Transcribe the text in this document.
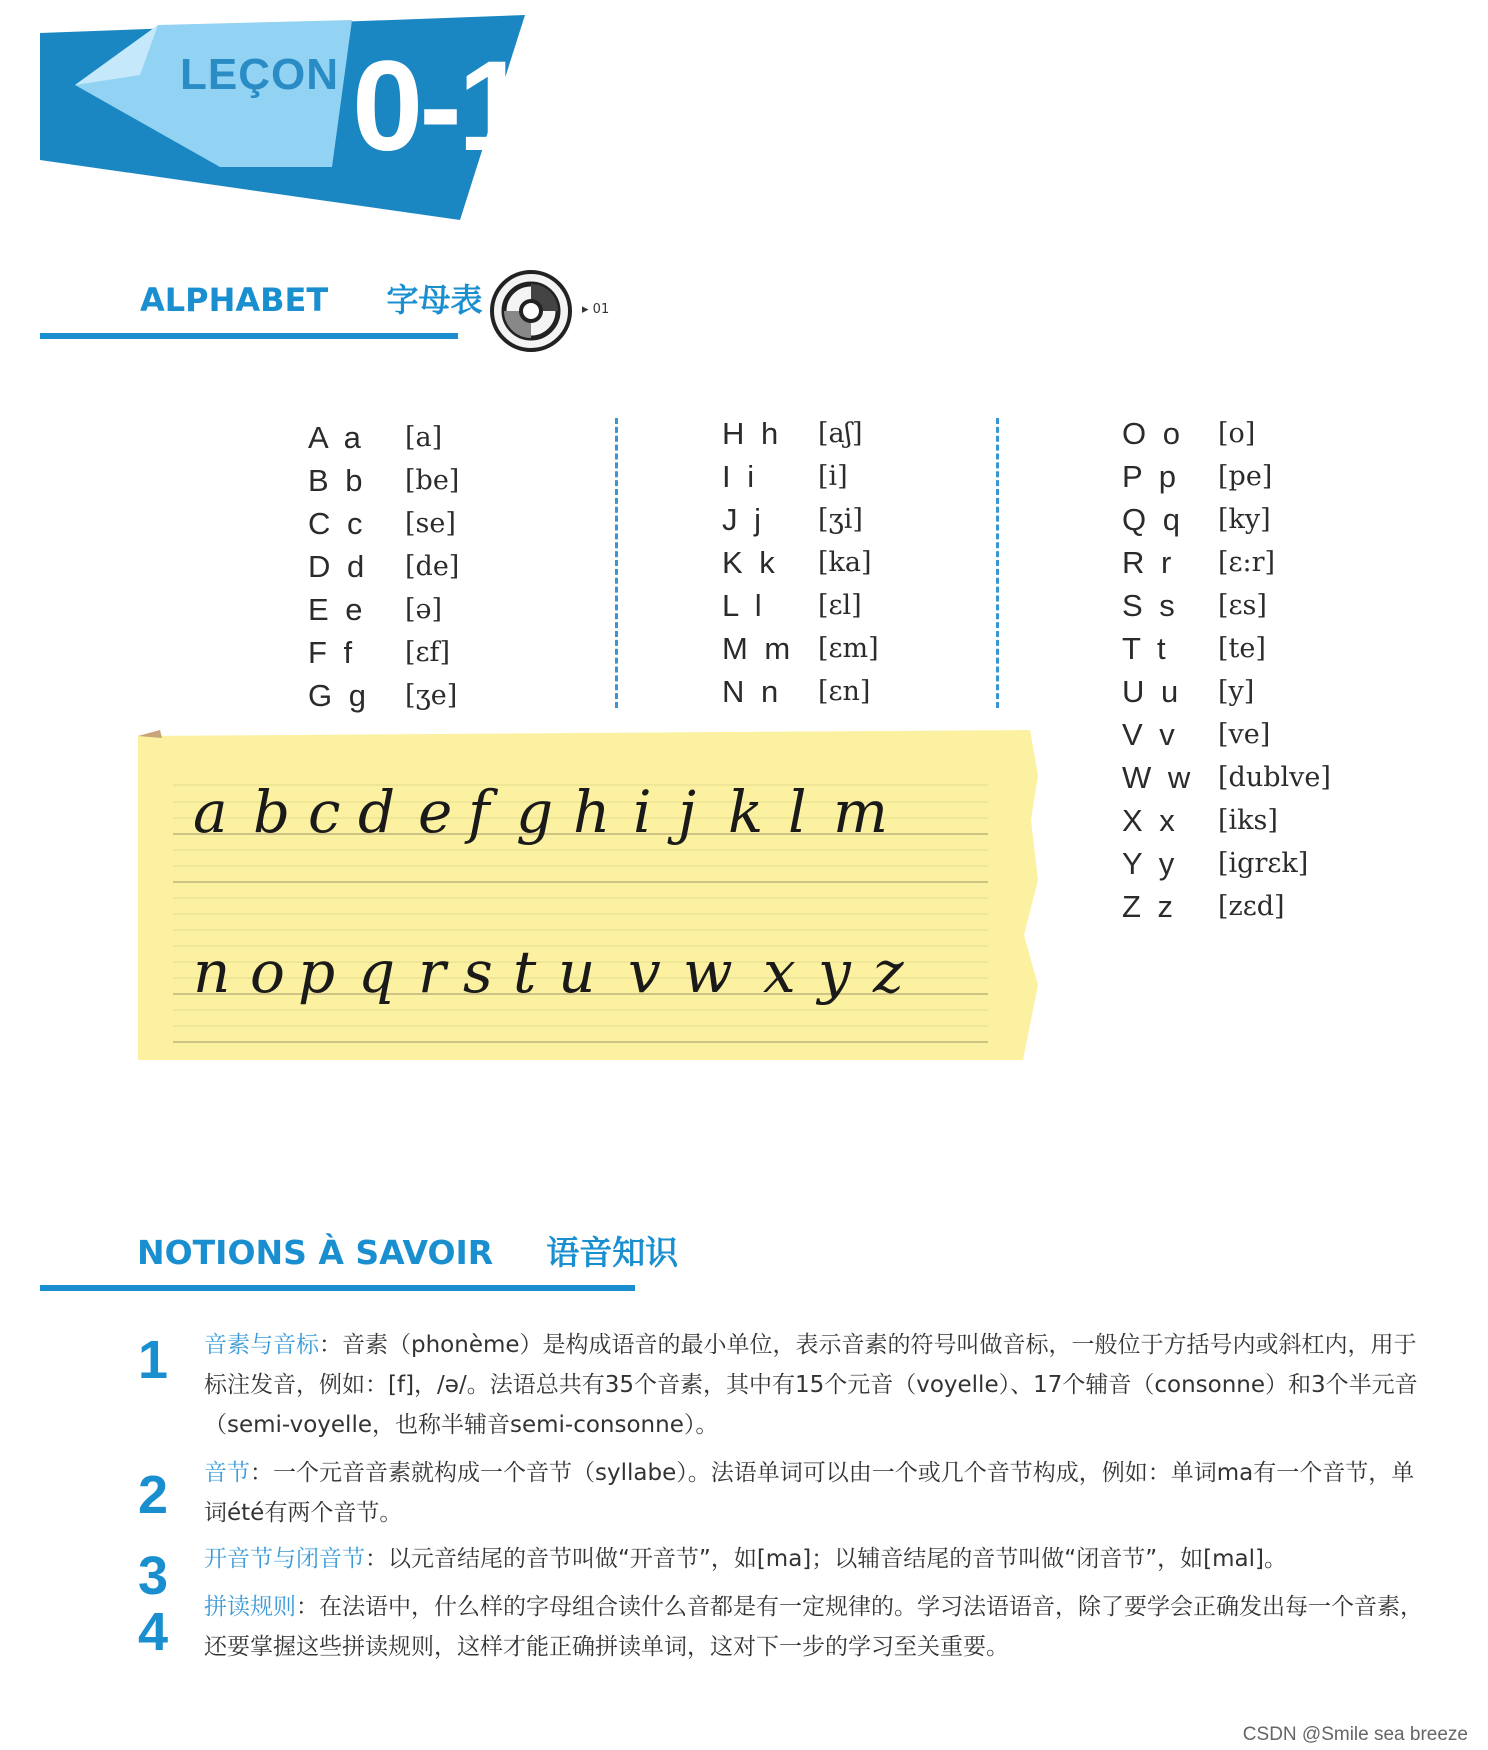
LEÇON 0-1
ALPHABET 字母表	▸ 01
A a
B b
C c
D d
E e
F f
G g
[a]
[be]
[se]
[de]
[ə]
[ɛf]
[ʒe]
H h
I i
J j
K k
L l
M m
N n
[aʃ]
[i]
[ʒi]
[ka]
[ɛl]
[ɛm]
[ɛn]
O o
P p
Q q
R r
S s
T t
U u
V v
W w
X x
Y y
Z z
[o]
[pe]
[ky]
[ɛ:r]
[ɛs]
[te]
[y]
[ve]
[dublve]
[iks]
[igrɛk]
[zɛd]
a b c d e f g h i j k l m
n o p q r s t u v w x y z
NOTIONS À SAVOIR 语音知识
1 音素与音标：音素（phonème）是构成语音的最小单位，表示音素的符号叫做音标，一般位于方括号内或斜杠内，用于标注发音，例如：[f]，/ə/。法语总共有35个音素，其中有15个元音（voyelle）、17个辅音（consonne）和3个半元音（semi-voyelle，也称半辅音semi-consonne）。
2 音节：一个元音音素就构成一个音节（syllabe）。法语单词可以由一个或几个音节构成，例如：单词ma有一个音节，单词été有两个音节。
3 开音节与闭音节：以元音结尾的音节叫做“开音节”，如[ma]；以辅音结尾的音节叫做“闭音节”，如[mal]。
4 拼读规则：在法语中，什么样的字母组合读什么音都是有一定规律的。学习法语语音，除了要学会正确发出每一个音素，还要掌握这些拼读规则，这样才能正确拼读单词，这对下一步的学习至关重要。
CSDN @Smile sea breeze
